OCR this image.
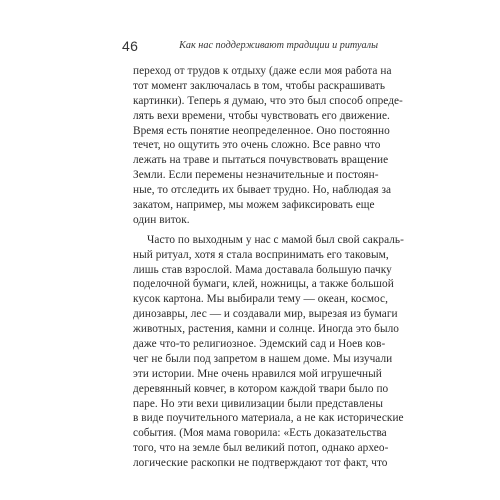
46	Как нас поддерживают традиции и ритуалы
переход от трудов к отдыху (даже если моя работа на
тот момент заключалась в том, чтобы раскрашивать
картинки). Теперь я думаю, что это был способ опреде-
лять вехи времени, чтобы чувствовать его движение.
Время есть понятие неопределенное. Оно постоянно
течет, но ощутить это очень сложно. Все равно что
лежать на траве и пытаться почувствовать вращение
Земли. Если перемены незначительные и постоян-
ные, то отследить их бывает трудно. Но, наблюдая за
закатом, например, мы можем зафиксировать еще
один виток.
Часто по выходным у нас с мамой был свой сакраль-
ный ритуал, хотя я стала воспринимать его таковым,
лишь став взрослой. Мама доставала большую пачку
поделочной бумаги, клей, ножницы, а также большой
кусок картона. Мы выбирали тему — океан, космос,
динозавры, лес — и создавали мир, вырезая из бумаги
животных, растения, камни и солнце. Иногда это было
даже что-то религиозное. Эдемский сад и Ноев ков-
чег не были под запретом в нашем доме. Мы изучали
эти истории. Мне очень нравился мой игрушечный
деревянный ковчег, в котором каждой твари было по
паре. Но эти вехи цивилизации были представлены
в виде поучительного материала, а не как исторические
события. (Моя мама говорила: «Есть доказательства
того, что на земле был великий потоп, однако архео-
логические раскопки не подтверждают тот факт, что
